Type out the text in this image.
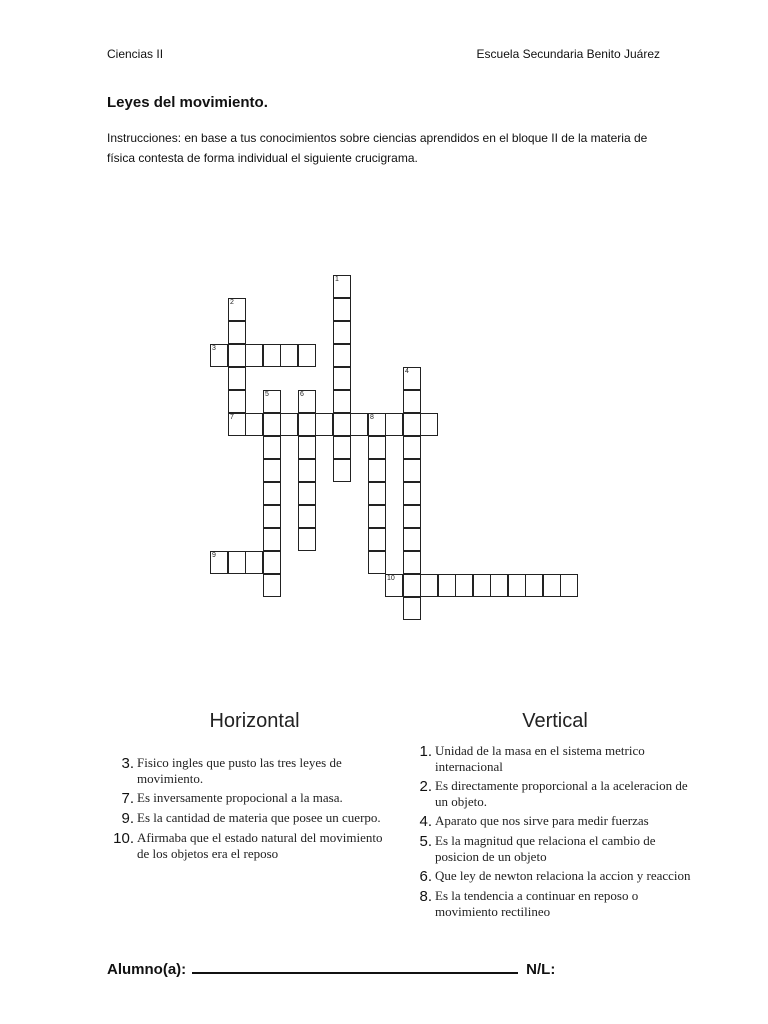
Ciencias II	Escuela Secundaria Benito Juárez
Leyes del movimiento.

Instrucciones: en base a tus conocimientos sobre ciencias aprendidos en el bloque II de la materia de física contesta de forma individual el siguiente crucigrama.

1
2
7
3
4
5	6
8
9
10
Horizontal
3. Fisico ingles que pusto las tres leyes de movimiento.
7. Es inversamente propocional a la masa.
9. Es la cantidad de materia que posee un cuerpo.
10. Afirmaba que el estado natural del movimiento de los objetos era el reposo
Vertical
1. Unidad de la masa en el sistema metrico internacional
2. Es directamente proporcional a la aceleracion de un objeto.
4. Aparato que nos sirve para medir fuerzas
5. Es la magnitud que relaciona el cambio de posicion de un objeto
6. Que ley de newton relaciona la accion y reaccion
8. Es la tendencia a continuar en reposo o movimiento rectilineo
Alumno(a):	N/L:
